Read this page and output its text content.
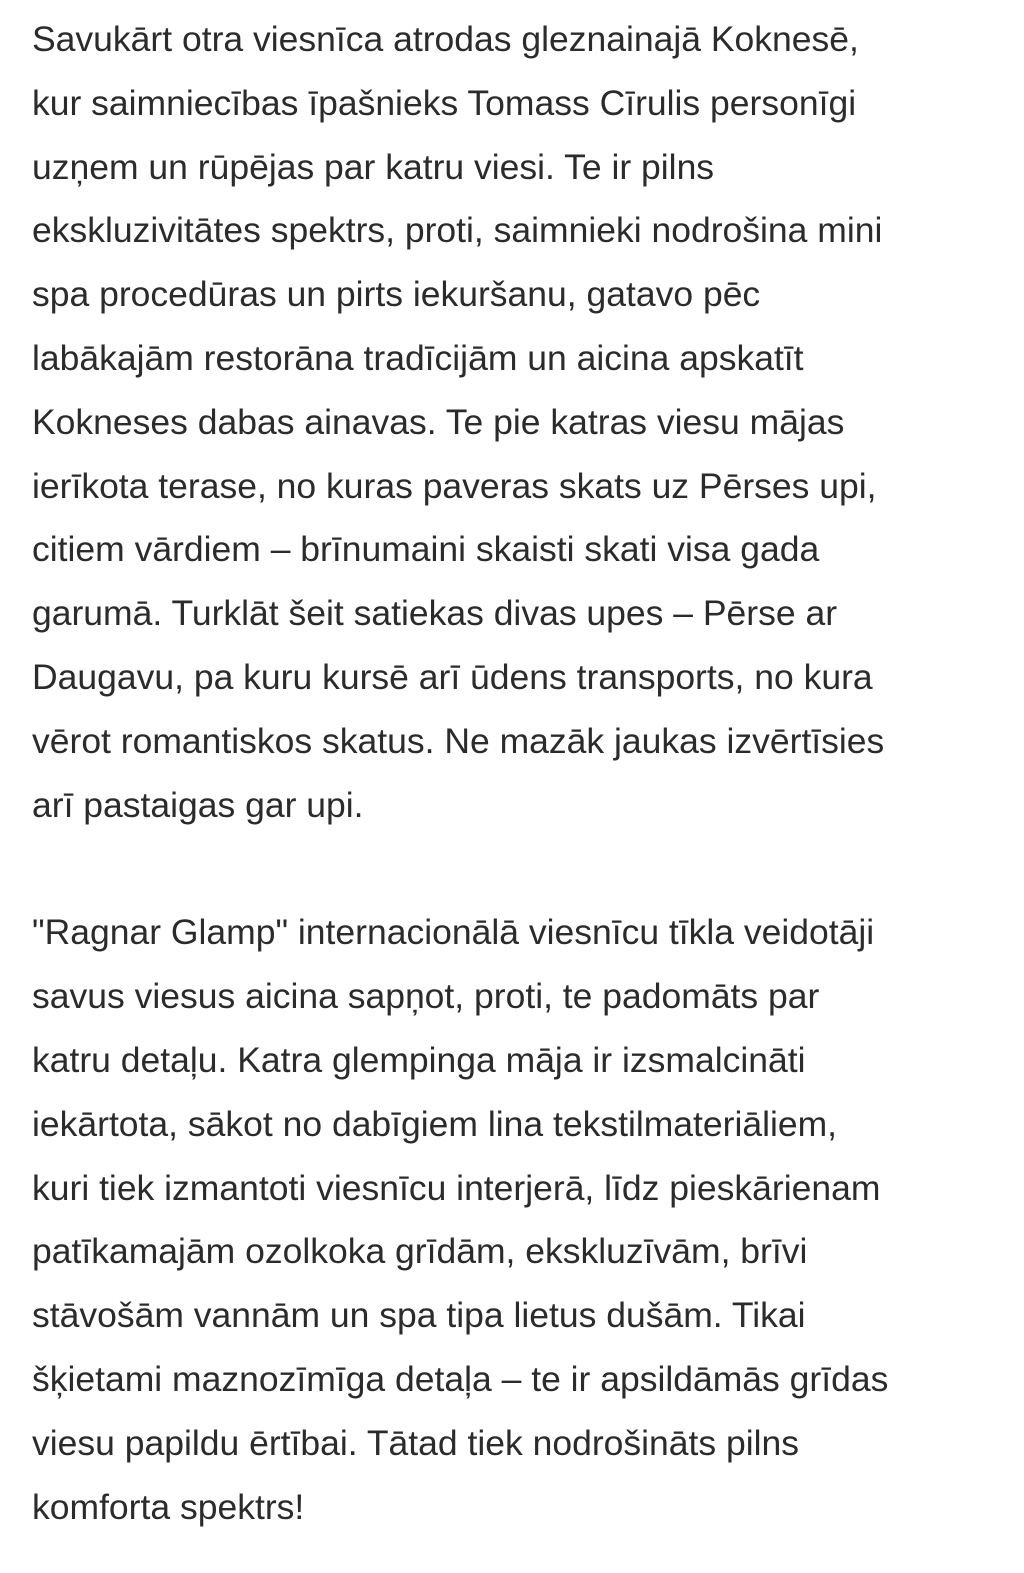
Savukārt otra viesnīca atrodas gleznainajā Koknesē,
kur saimniecības īpašnieks Tomass Cīrulis personīgi
uzņem un rūpējas par katru viesi. Te ir pilns
ekskluzivitātes spektrs, proti, saimnieki nodrošina mini
spa procedūras un pirts iekuršanu, gatavo pēc
labākajām restorāna tradīcijām un aicina apskatīt
Kokneses dabas ainavas. Te pie katras viesu mājas
ierīkota terase, no kuras paveras skats uz Pērses upi,
citiem vārdiem – brīnumaini skaisti skati visa gada
garumā. Turklāt šeit satiekas divas upes – Pērse ar
Daugavu, pa kuru kursē arī ūdens transports, no kura
vērot romantiskos skatus. Ne mazāk jaukas izvērtīsies
arī pastaigas gar upi.
"Ragnar Glamp" internacionālā viesnīcu tīkla veidotāji
savus viesus aicina sapņot, proti, te padomāts par
katru detaļu. Katra glempinga māja ir izsmalcināti
iekārtota, sākot no dabīgiem lina tekstilmateriāliem,
kuri tiek izmantoti viesnīcu interjerā, līdz pieskārienam
patīkamajām ozolkoka grīdām, ekskluzīvām, brīvi
stāvošām vannām un spa tipa lietus dušām. Tikai
šķietami maznozīmīga detaļa – te ir apsildāmās grīdas
viesu papildu ērtībai. Tātad tiek nodrošināts pilns
komforta spektrs!
